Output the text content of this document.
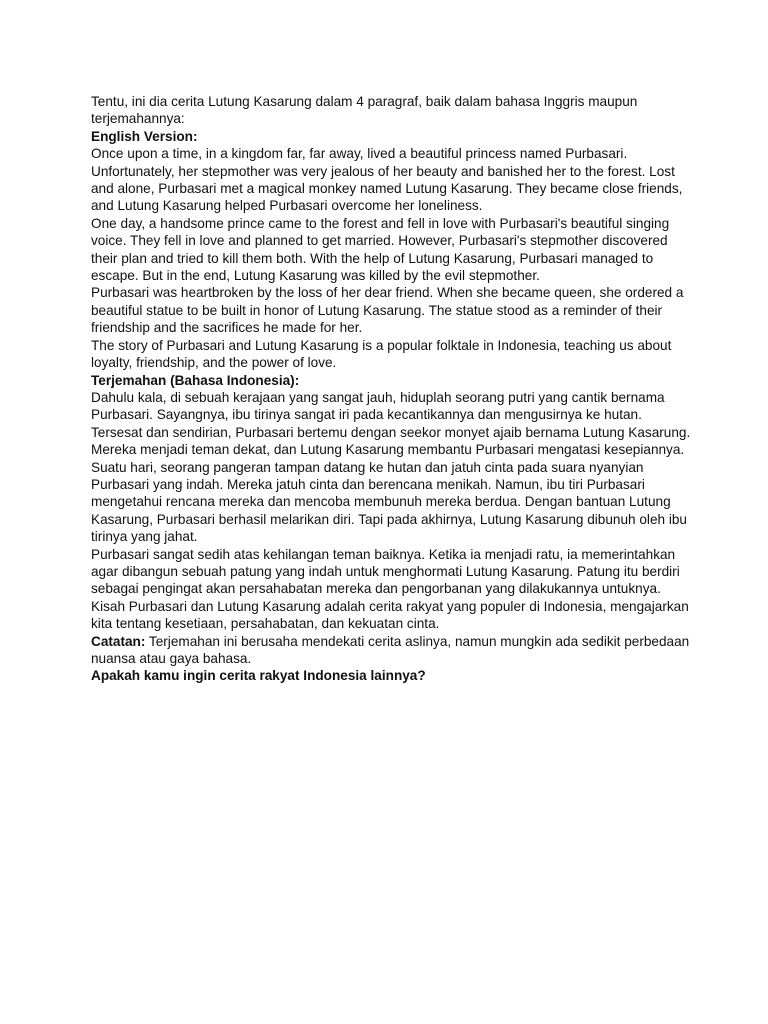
Tentu, ini dia cerita Lutung Kasarung dalam 4 paragraf, baik dalam bahasa Inggris maupun terjemahannya:

English Version:

Once upon a time, in a kingdom far, far away, lived a beautiful princess named Purbasari. Unfortunately, her stepmother was very jealous of her beauty and banished her to the forest. Lost and alone, Purbasari met a magical monkey named Lutung Kasarung. They became close friends, and Lutung Kasarung helped Purbasari overcome her loneliness.

One day, a handsome prince came to the forest and fell in love with Purbasari's beautiful singing voice. They fell in love and planned to get married. However, Purbasari's stepmother discovered their plan and tried to kill them both. With the help of Lutung Kasarung, Purbasari managed to escape. But in the end, Lutung Kasarung was killed by the evil stepmother.

Purbasari was heartbroken by the loss of her dear friend. When she became queen, she ordered a beautiful statue to be built in honor of Lutung Kasarung. The statue stood as a reminder of their friendship and the sacrifices he made for her.

The story of Purbasari and Lutung Kasarung is a popular folktale in Indonesia, teaching us about loyalty, friendship, and the power of love.

Terjemahan (Bahasa Indonesia):

Dahulu kala, di sebuah kerajaan yang sangat jauh, hiduplah seorang putri yang cantik bernama Purbasari. Sayangnya, ibu tirinya sangat iri pada kecantikannya dan mengusirnya ke hutan. Tersesat dan sendirian, Purbasari bertemu dengan seekor monyet ajaib bernama Lutung Kasarung. Mereka menjadi teman dekat, dan Lutung Kasarung membantu Purbasari mengatasi kesepiannya.

Suatu hari, seorang pangeran tampan datang ke hutan dan jatuh cinta pada suara nyanyian Purbasari yang indah. Mereka jatuh cinta dan berencana menikah. Namun, ibu tiri Purbasari mengetahui rencana mereka dan mencoba membunuh mereka berdua. Dengan bantuan Lutung Kasarung, Purbasari berhasil melarikan diri. Tapi pada akhirnya, Lutung Kasarung dibunuh oleh ibu tirinya yang jahat.

Purbasari sangat sedih atas kehilangan teman baiknya. Ketika ia menjadi ratu, ia memerintahkan agar dibangun sebuah patung yang indah untuk menghormati Lutung Kasarung. Patung itu berdiri sebagai pengingat akan persahabatan mereka dan pengorbanan yang dilakukannya untuknya.

Kisah Purbasari dan Lutung Kasarung adalah cerita rakyat yang populer di Indonesia, mengajarkan kita tentang kesetiaan, persahabatan, dan kekuatan cinta.

Catatan: Terjemahan ini berusaha mendekati cerita aslinya, namun mungkin ada sedikit perbedaan nuansa atau gaya bahasa.

Apakah kamu ingin cerita rakyat Indonesia lainnya?
